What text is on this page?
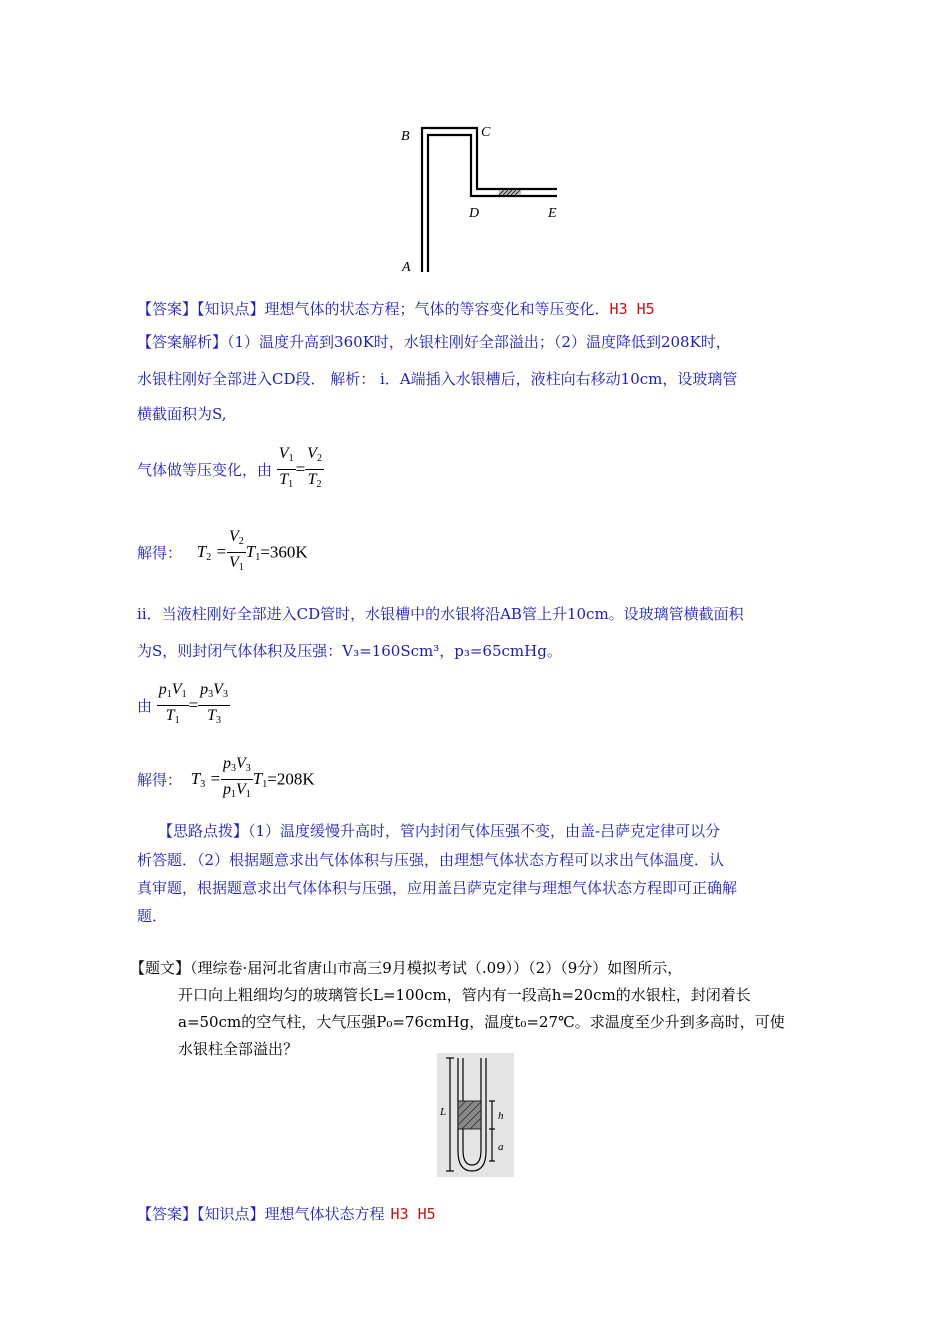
B	C
D	E
A
【答案】【知识点】理想气体的状态方程；气体的等容变化和等压变化．H3 H5
【答案解析】（1）温度升高到360K时，水银柱刚好全部溢出；（2）温度降低到208K时，
水银柱刚好全部进入CD段． 解析： ⅰ．A端插入水银槽后，液柱向右移动10cm，设玻璃管
横截面积为S,
气体做等压变化，由 $\frac{V_1}{T_1} = \frac{V_2}{T_2}$
解得： $T_2 = \frac{V_2}{V_1} T_1=360K$
ⅱ．当液柱刚好全部进入CD管时，水银槽中的水银将沿AB管上升10cm。设玻璃管横截面积
为S，则封闭气体体积及压强：V₃=160Scm³，p₃=65cmHg。
由 $\frac{p_1V_1}{T_1} = \frac{p_3V_3}{T_3}$
解得： $T_3 = \frac{p_3V_3}{p_1V_1} T_1=208K$
【思路点拨】（1）温度缓慢升高时，管内封闭气体压强不变，由盖-吕萨克定律可以分
析答题．（2）根据题意求出气体体积与压强，由理想气体状态方程可以求出气体温度．认
真审题，根据题意求出气体体积与压强，应用盖吕萨克定律与理想气体状态方程即可正确解
题．
【题文】（理综卷·届河北省唐山市高三9月模拟考试（.09））（2）（9分）如图所示，
开口向上粗细均匀的玻璃管长L=100cm，管内有一段高h=20cm的水银柱，封闭着长
a=50cm的空气柱，大气压强P₀=76cmHg，温度t₀=27℃。求温度至少升到多高时，可使
水银柱全部溢出？
L	h
a
【答案】【知识点】理想气体状态方程 H3 H5
